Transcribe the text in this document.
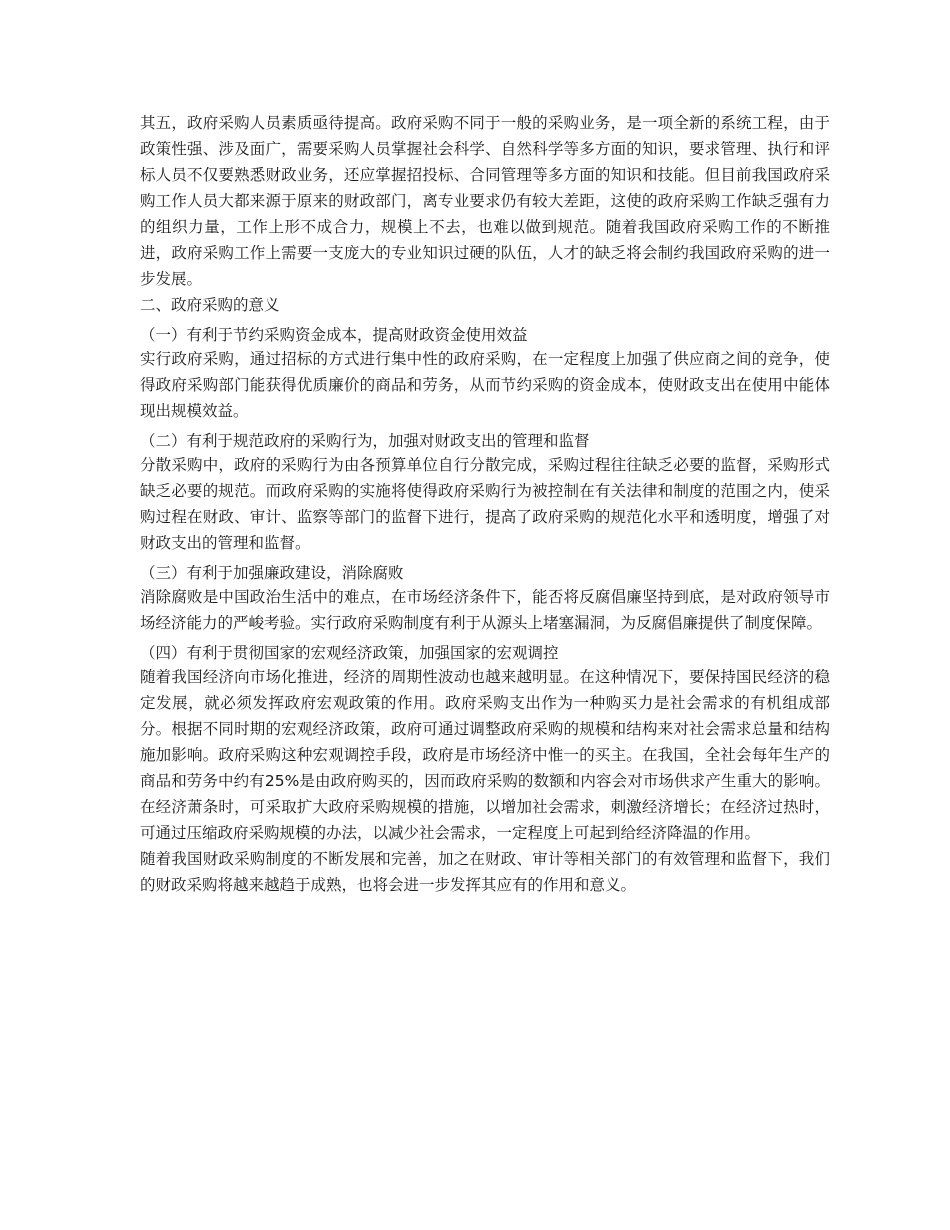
其五，政府采购人员素质亟待提高。政府采购不同于一般的采购业务，是一项全新的系统工程，由于政策性强、涉及面广，需要采购人员掌握社会科学、自然科学等多方面的知识，要求管理、执行和评标人员不仅要熟悉财政业务，还应掌握招投标、合同管理等多方面的知识和技能。但目前我国政府采购工作人员大都来源于原来的财政部门，离专业要求仍有较大差距，这使的政府采购工作缺乏强有力的组织力量，工作上形不成合力，规模上不去，也难以做到规范。随着我国政府采购工作的不断推进，政府采购工作上需要一支庞大的专业知识过硬的队伍，人才的缺乏将会制约我国政府采购的进一步发展。

二、政府采购的意义

（一）有利于节约采购资金成本，提高财政资金使用效益

实行政府采购，通过招标的方式进行集中性的政府采购，在一定程度上加强了供应商之间的竞争，使得政府采购部门能获得优质廉价的商品和劳务，从而节约采购的资金成本，使财政支出在使用中能体现出规模效益。

（二）有利于规范政府的采购行为，加强对财政支出的管理和监督

分散采购中，政府的采购行为由各预算单位自行分散完成，采购过程往往缺乏必要的监督，采购形式缺乏必要的规范。而政府采购的实施将使得政府采购行为被控制在有关法律和制度的范围之内，使采购过程在财政、审计、监察等部门的监督下进行，提高了政府采购的规范化水平和透明度，增强了对财政支出的管理和监督。

（三）有利于加强廉政建设，消除腐败

消除腐败是中国政治生活中的难点，在市场经济条件下，能否将反腐倡廉坚持到底，是对政府领导市场经济能力的严峻考验。实行政府采购制度有利于从源头上堵塞漏洞，为反腐倡廉提供了制度保障。

（四）有利于贯彻国家的宏观经济政策，加强国家的宏观调控

随着我国经济向市场化推进，经济的周期性波动也越来越明显。在这种情况下，要保持国民经济的稳定发展，就必须发挥政府宏观政策的作用。政府采购支出作为一种购买力是社会需求的有机组成部分。根据不同时期的宏观经济政策，政府可通过调整政府采购的规模和结构来对社会需求总量和结构施加影响。政府采购这种宏观调控手段，政府是市场经济中惟一的买主。在我国，全社会每年生产的商品和劳务中约有25%是由政府购买的，因而政府采购的数额和内容会对市场供求产生重大的影响。在经济萧条时，可采取扩大政府采购规模的措施，以增加社会需求，刺激经济增长；在经济过热时，可通过压缩政府采购规模的办法，以减少社会需求，一定程度上可起到给经济降温的作用。

随着我国财政采购制度的不断发展和完善，加之在财政、审计等相关部门的有效管理和监督下，我们的财政采购将越来越趋于成熟，也将会进一步发挥其应有的作用和意义。
